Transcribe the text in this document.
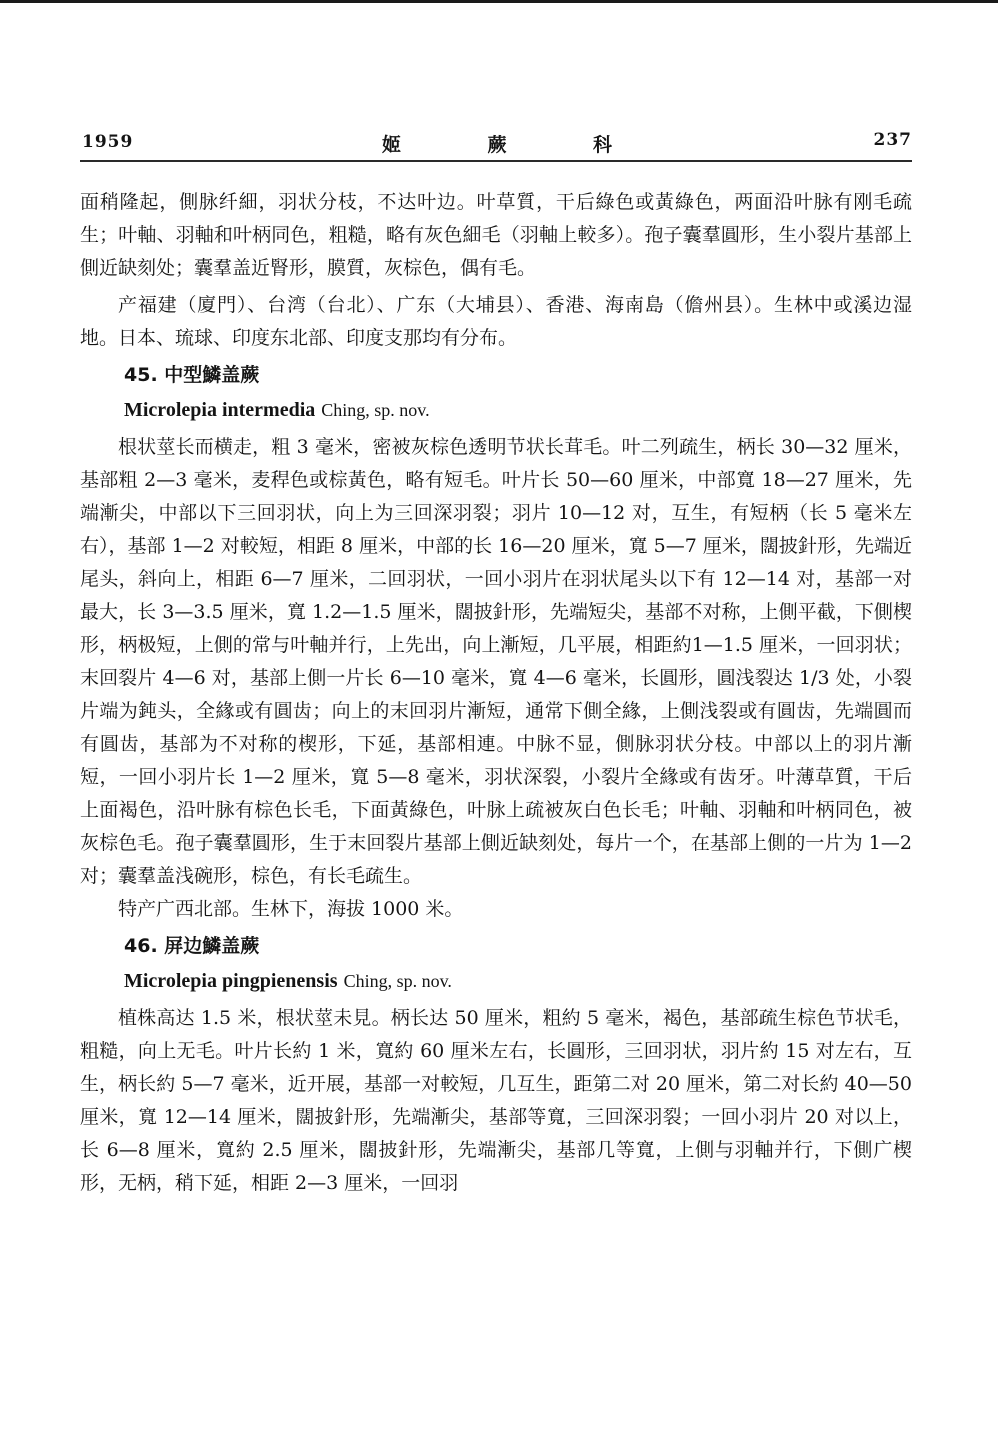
1959	姬蕨科	237

面稍隆起，側脉纤細，羽状分枝，不达叶边。叶草質，干后綠色或黃綠色，两面沿叶脉有刚毛疏生；叶軸、羽軸和叶柄同色，粗糙，略有灰色細毛（羽軸上較多）。孢子囊羣圓形，生小裂片基部上側近缺刻处；囊羣盖近腎形，膜質，灰棕色，偶有毛。

产福建（廈門）、台湾（台北）、广东（大埔县）、香港、海南島（儋州县）。生林中或溪边湿地。日本、琉球、印度东北部、印度支那均有分布。

45. 中型鱗盖蕨
Microlepia intermedia Ching, sp. nov.

根状莖长而横走，粗 3 毫米，密被灰棕色透明节状长茸毛。叶二列疏生，柄长 30—32 厘米，基部粗 2—3 毫米，麦稈色或棕黃色，略有短毛。叶片长 50—60 厘米，中部寬 18—27 厘米，先端漸尖，中部以下三回羽状，向上为三回深羽裂；羽片 10—12 对，互生，有短柄（长 5 毫米左右），基部 1—2 对較短，相距 8 厘米，中部的长 16—20 厘米，寬 5—7 厘米，闊披針形，先端近尾头，斜向上，相距 6—7 厘米，二回羽状，一回小羽片在羽状尾头以下有 12—14 对，基部一对最大，长 3—3.5 厘米，寬 1.2—1.5 厘米，闊披針形，先端短尖，基部不对称，上側平截，下側楔形，柄极短，上側的常与叶軸并行，上先出，向上漸短，几平展，相距約1—1.5 厘米，一回羽状；末回裂片 4—6 对，基部上側一片长 6—10 毫米，寬 4—6 毫米，长圓形，圓浅裂达 1/3 处，小裂片端为鈍头，全緣或有圓齿；向上的末回羽片漸短，通常下側全緣，上側浅裂或有圓齿，先端圓而有圓齿，基部为不对称的楔形，下延，基部相連。中脉不显，側脉羽状分枝。中部以上的羽片漸短，一回小羽片长 1—2 厘米，寬 5—8 毫米，羽状深裂，小裂片全緣或有齿牙。叶薄草質，干后上面褐色，沿叶脉有棕色长毛，下面黃綠色，叶脉上疏被灰白色长毛；叶軸、羽軸和叶柄同色，被灰棕色毛。孢子囊羣圓形，生于末回裂片基部上側近缺刻处，每片一个，在基部上側的一片为 1—2 对；囊羣盖浅碗形，棕色，有长毛疏生。

特产广西北部。生林下，海拔 1000 米。

46. 屏边鱗盖蕨
Microlepia pingpienensis Ching, sp. nov.

植株高达 1.5 米，根状莖未見。柄长达 50 厘米，粗約 5 毫米，褐色，基部疏生棕色节状毛，粗糙，向上无毛。叶片长約 1 米，寬約 60 厘米左右，长圓形，三回羽状，羽片約 15 对左右，互生，柄长約 5—7 毫米，近开展，基部一对較短，几互生，距第二对 20 厘米，第二对长約 40—50 厘米，寬 12—14 厘米，闊披針形，先端漸尖，基部等寬，三回深羽裂；一回小羽片 20 对以上，长 6—8 厘米，寬約 2.5 厘米，闊披針形，先端漸尖，基部几等寬，上側与羽軸并行，下側广楔形，无柄，稍下延，相距 2—3 厘米，一回羽
